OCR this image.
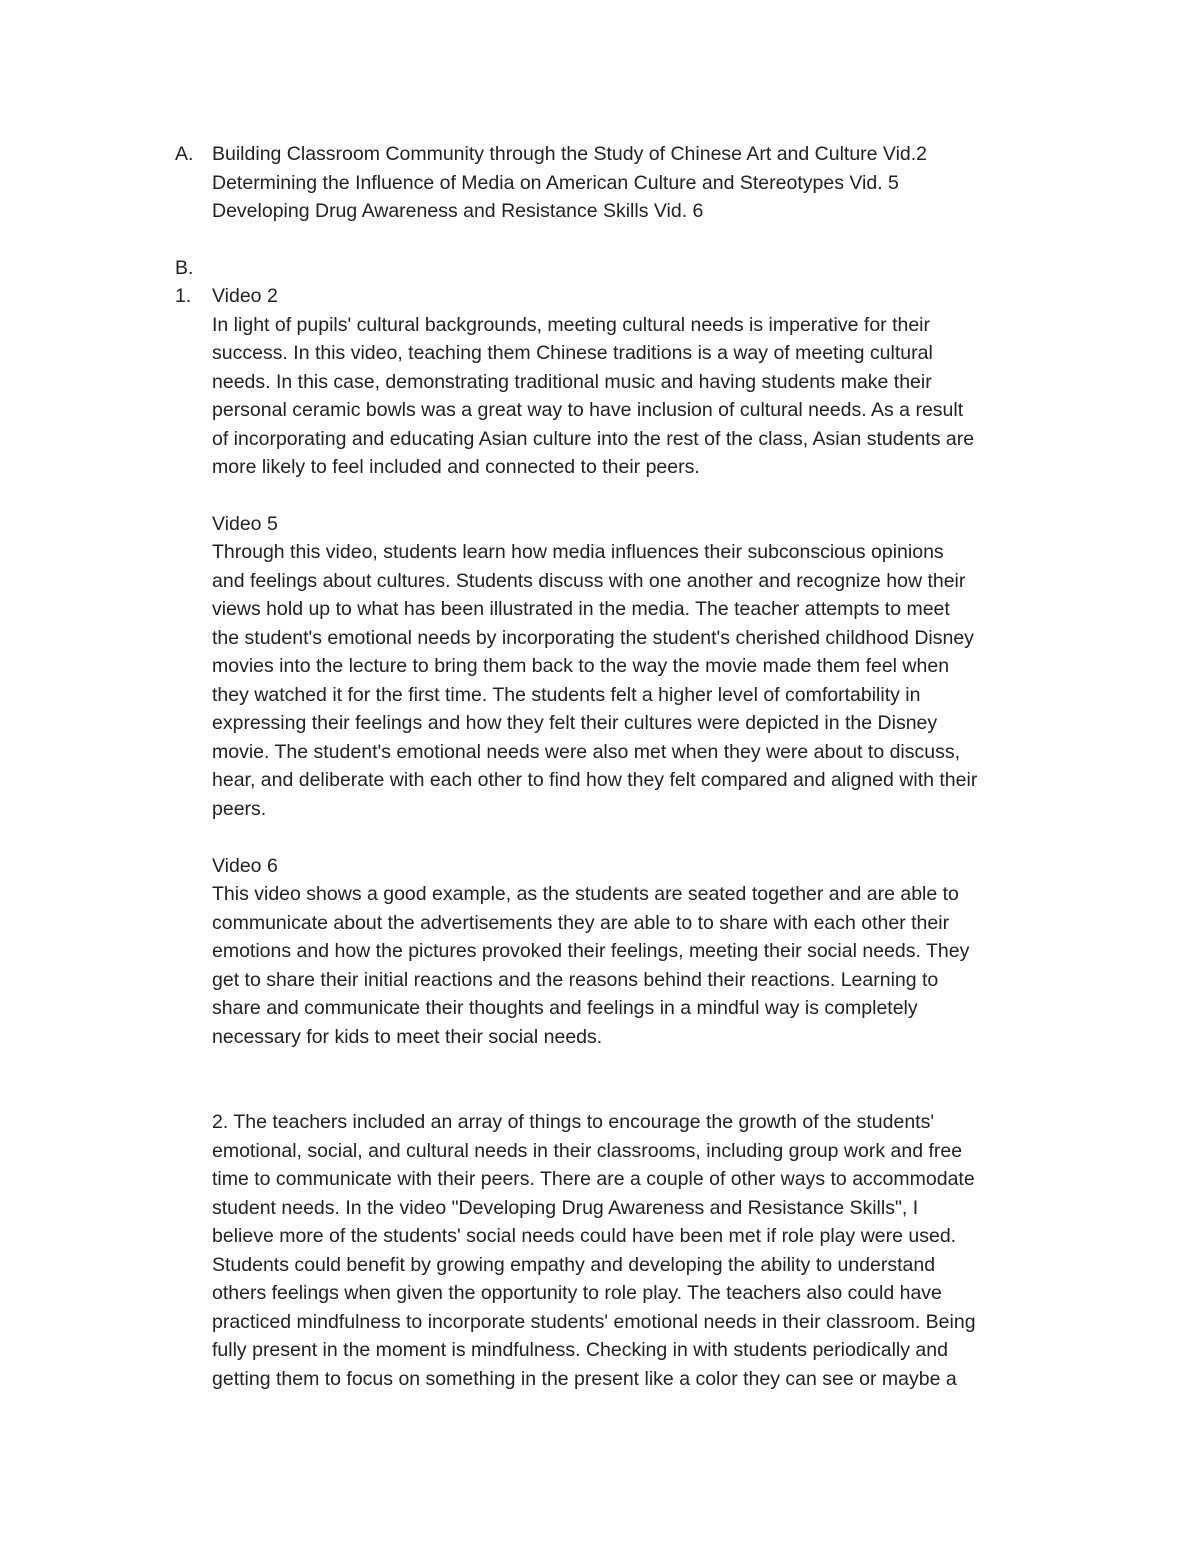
A. Building Classroom Community through the Study of Chinese Art and Culture Vid.2
Determining the Influence of Media on American Culture and Stereotypes Vid. 5
Developing Drug Awareness and Resistance Skills Vid. 6
B.
1. Video 2
In light of pupils' cultural backgrounds, meeting cultural needs is imperative for their
success. In this video, teaching them Chinese traditions is a way of meeting cultural
needs. In this case, demonstrating traditional music and having students make their
personal ceramic bowls was a great way to have inclusion of cultural needs. As a result
of incorporating and educating Asian culture into the rest of the class, Asian students are
more likely to feel included and connected to their peers.
Video 5
Through this video, students learn how media influences their subconscious opinions
and feelings about cultures. Students discuss with one another and recognize how their
views hold up to what has been illustrated in the media. The teacher attempts to meet
the student's emotional needs by incorporating the student's cherished childhood Disney
movies into the lecture to bring them back to the way the movie made them feel when
they watched it for the first time. The students felt a higher level of comfortability in
expressing their feelings and how they felt their cultures were depicted in the Disney
movie. The student's emotional needs were also met when they were about to discuss,
hear, and deliberate with each other to find how they felt compared and aligned with their
peers.
Video 6
This video shows a good example, as the students are seated together and are able to
communicate about the advertisements they are able to to share with each other their
emotions and how the pictures provoked their feelings, meeting their social needs. They
get to share their initial reactions and the reasons behind their reactions. Learning to
share and communicate their thoughts and feelings in a mindful way is completely
necessary for kids to meet their social needs.
2. The teachers included an array of things to encourage the growth of the students'
emotional, social, and cultural needs in their classrooms, including group work and free
time to communicate with their peers. There are a couple of other ways to accommodate
student needs. In the video "Developing Drug Awareness and Resistance Skills", I
believe more of the students' social needs could have been met if role play were used.
Students could benefit by growing empathy and developing the ability to understand
others feelings when given the opportunity to role play. The teachers also could have
practiced mindfulness to incorporate students' emotional needs in their classroom. Being
fully present in the moment is mindfulness. Checking in with students periodically and
getting them to focus on something in the present like a color they can see or maybe a
